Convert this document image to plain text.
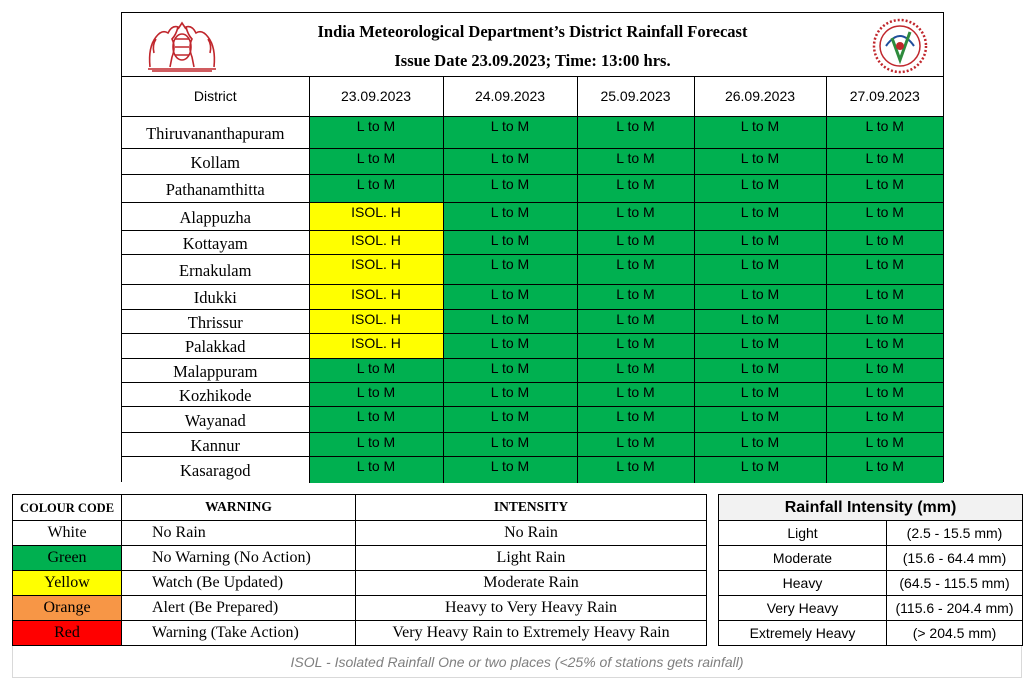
India Meteorological Department’s District Rainfall Forecast
Issue Date 23.09.2023; Time: 13:00 hrs.
District	23.09.2023	24.09.2023	25.09.2023	26.09.2023	27.09.2023
Thiruvananthapuram	L to M	L to M	L to M	L to M	L to M
Kollam	L to M	L to M	L to M	L to M	L to M
Pathanamthitta	L to M	L to M	L to M	L to M	L to M
Alappuzha	ISOL. H	L to M	L to M	L to M	L to M
Kottayam	ISOL. H	L to M	L to M	L to M	L to M
Ernakulam	ISOL. H	L to M	L to M	L to M	L to M
Idukki	ISOL. H	L to M	L to M	L to M	L to M
Thrissur	ISOL. H	L to M	L to M	L to M	L to M
Palakkad	ISOL. H	L to M	L to M	L to M	L to M
Malappuram	L to M	L to M	L to M	L to M	L to M
Kozhikode	L to M	L to M	L to M	L to M	L to M
Wayanad	L to M	L to M	L to M	L to M	L to M
Kannur	L to M	L to M	L to M	L to M	L to M
Kasaragod	L to M	L to M	L to M	L to M	L to M
COLOUR CODE	WARNING	INTENSITY
White	No Rain	No Rain
Green	No Warning (No Action)	Light Rain
Yellow	Watch (Be Updated)	Moderate Rain
Orange	Alert (Be Prepared)	Heavy to Very Heavy Rain
Red	Warning (Take Action)	Very Heavy Rain to Extremely Heavy Rain
Rainfall Intensity (mm)	
Light	(2.5 - 15.5 mm)
Moderate	(15.6 - 64.4 mm)
Heavy	(64.5 - 115.5 mm)
Very Heavy	(115.6 - 204.4 mm)
Extremely Heavy	(> 204.5 mm)
ISOL - Isolated Rainfall One or two places (<25% of stations gets rainfall)
